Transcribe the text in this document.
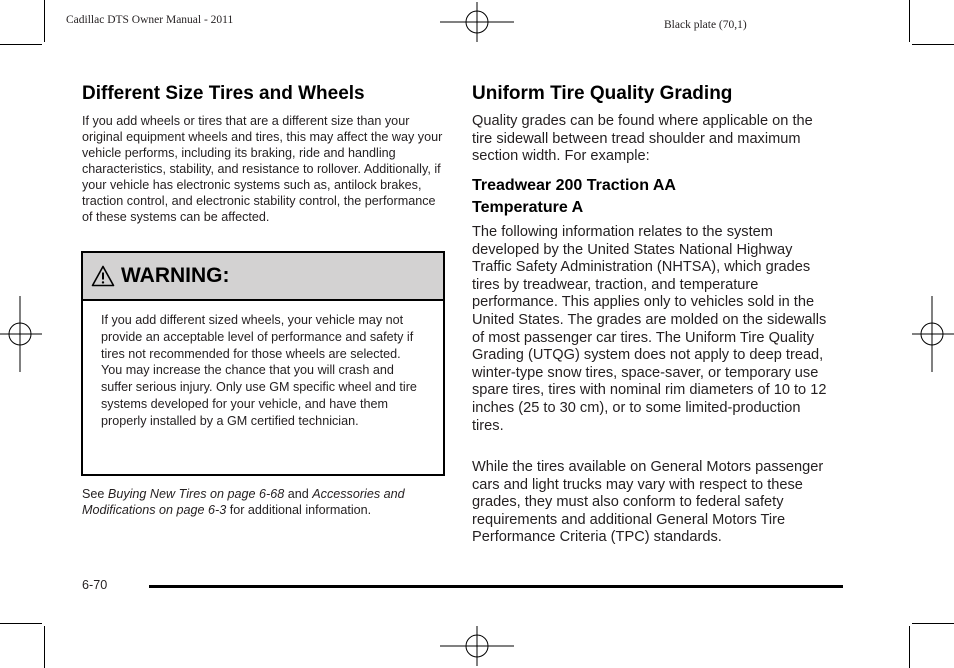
Cadillac DTS Owner Manual - 2011	Black plate (70,1)
Different Size Tires and Wheels

If you add wheels or tires that are a different size than your original equipment wheels and tires, this may affect the way your vehicle performs, including its braking, ride and handling characteristics, stability, and resistance to rollover. Additionally, if your vehicle has electronic systems such as, antilock brakes, traction control, and electronic stability control, the performance of these systems can be affected.

WARNING:
If you add different sized wheels, your vehicle may not provide an acceptable level of performance and safety if tires not recommended for those wheels are selected. You may increase the chance that you will crash and suffer serious injury. Only use GM specific wheel and tire systems developed for your vehicle, and have them properly installed by a GM certified technician.
See Buying New Tires on page 6‑68 and Accessories and Modifications on page 6‑3 for additional information.
Uniform Tire Quality Grading

Quality grades can be found where applicable on the tire sidewall between tread shoulder and maximum section width. For example:

Treadwear 200 Traction AA Temperature A

The following information relates to the system developed by the United States National Highway Traffic Safety Administration (NHTSA), which grades tires by treadwear, traction, and temperature performance. This applies only to vehicles sold in the United States. The grades are molded on the sidewalls of most passenger car tires. The Uniform Tire Quality Grading (UTQG) system does not apply to deep tread, winter-type snow tires, space-saver, or temporary use spare tires, tires with nominal rim diameters of 10 to 12 inches (25 to 30 cm), or to some limited-production tires.

While the tires available on General Motors passenger cars and light trucks may vary with respect to these grades, they must also conform to federal safety requirements and additional General Motors Tire Performance Criteria (TPC) standards.

6-70
